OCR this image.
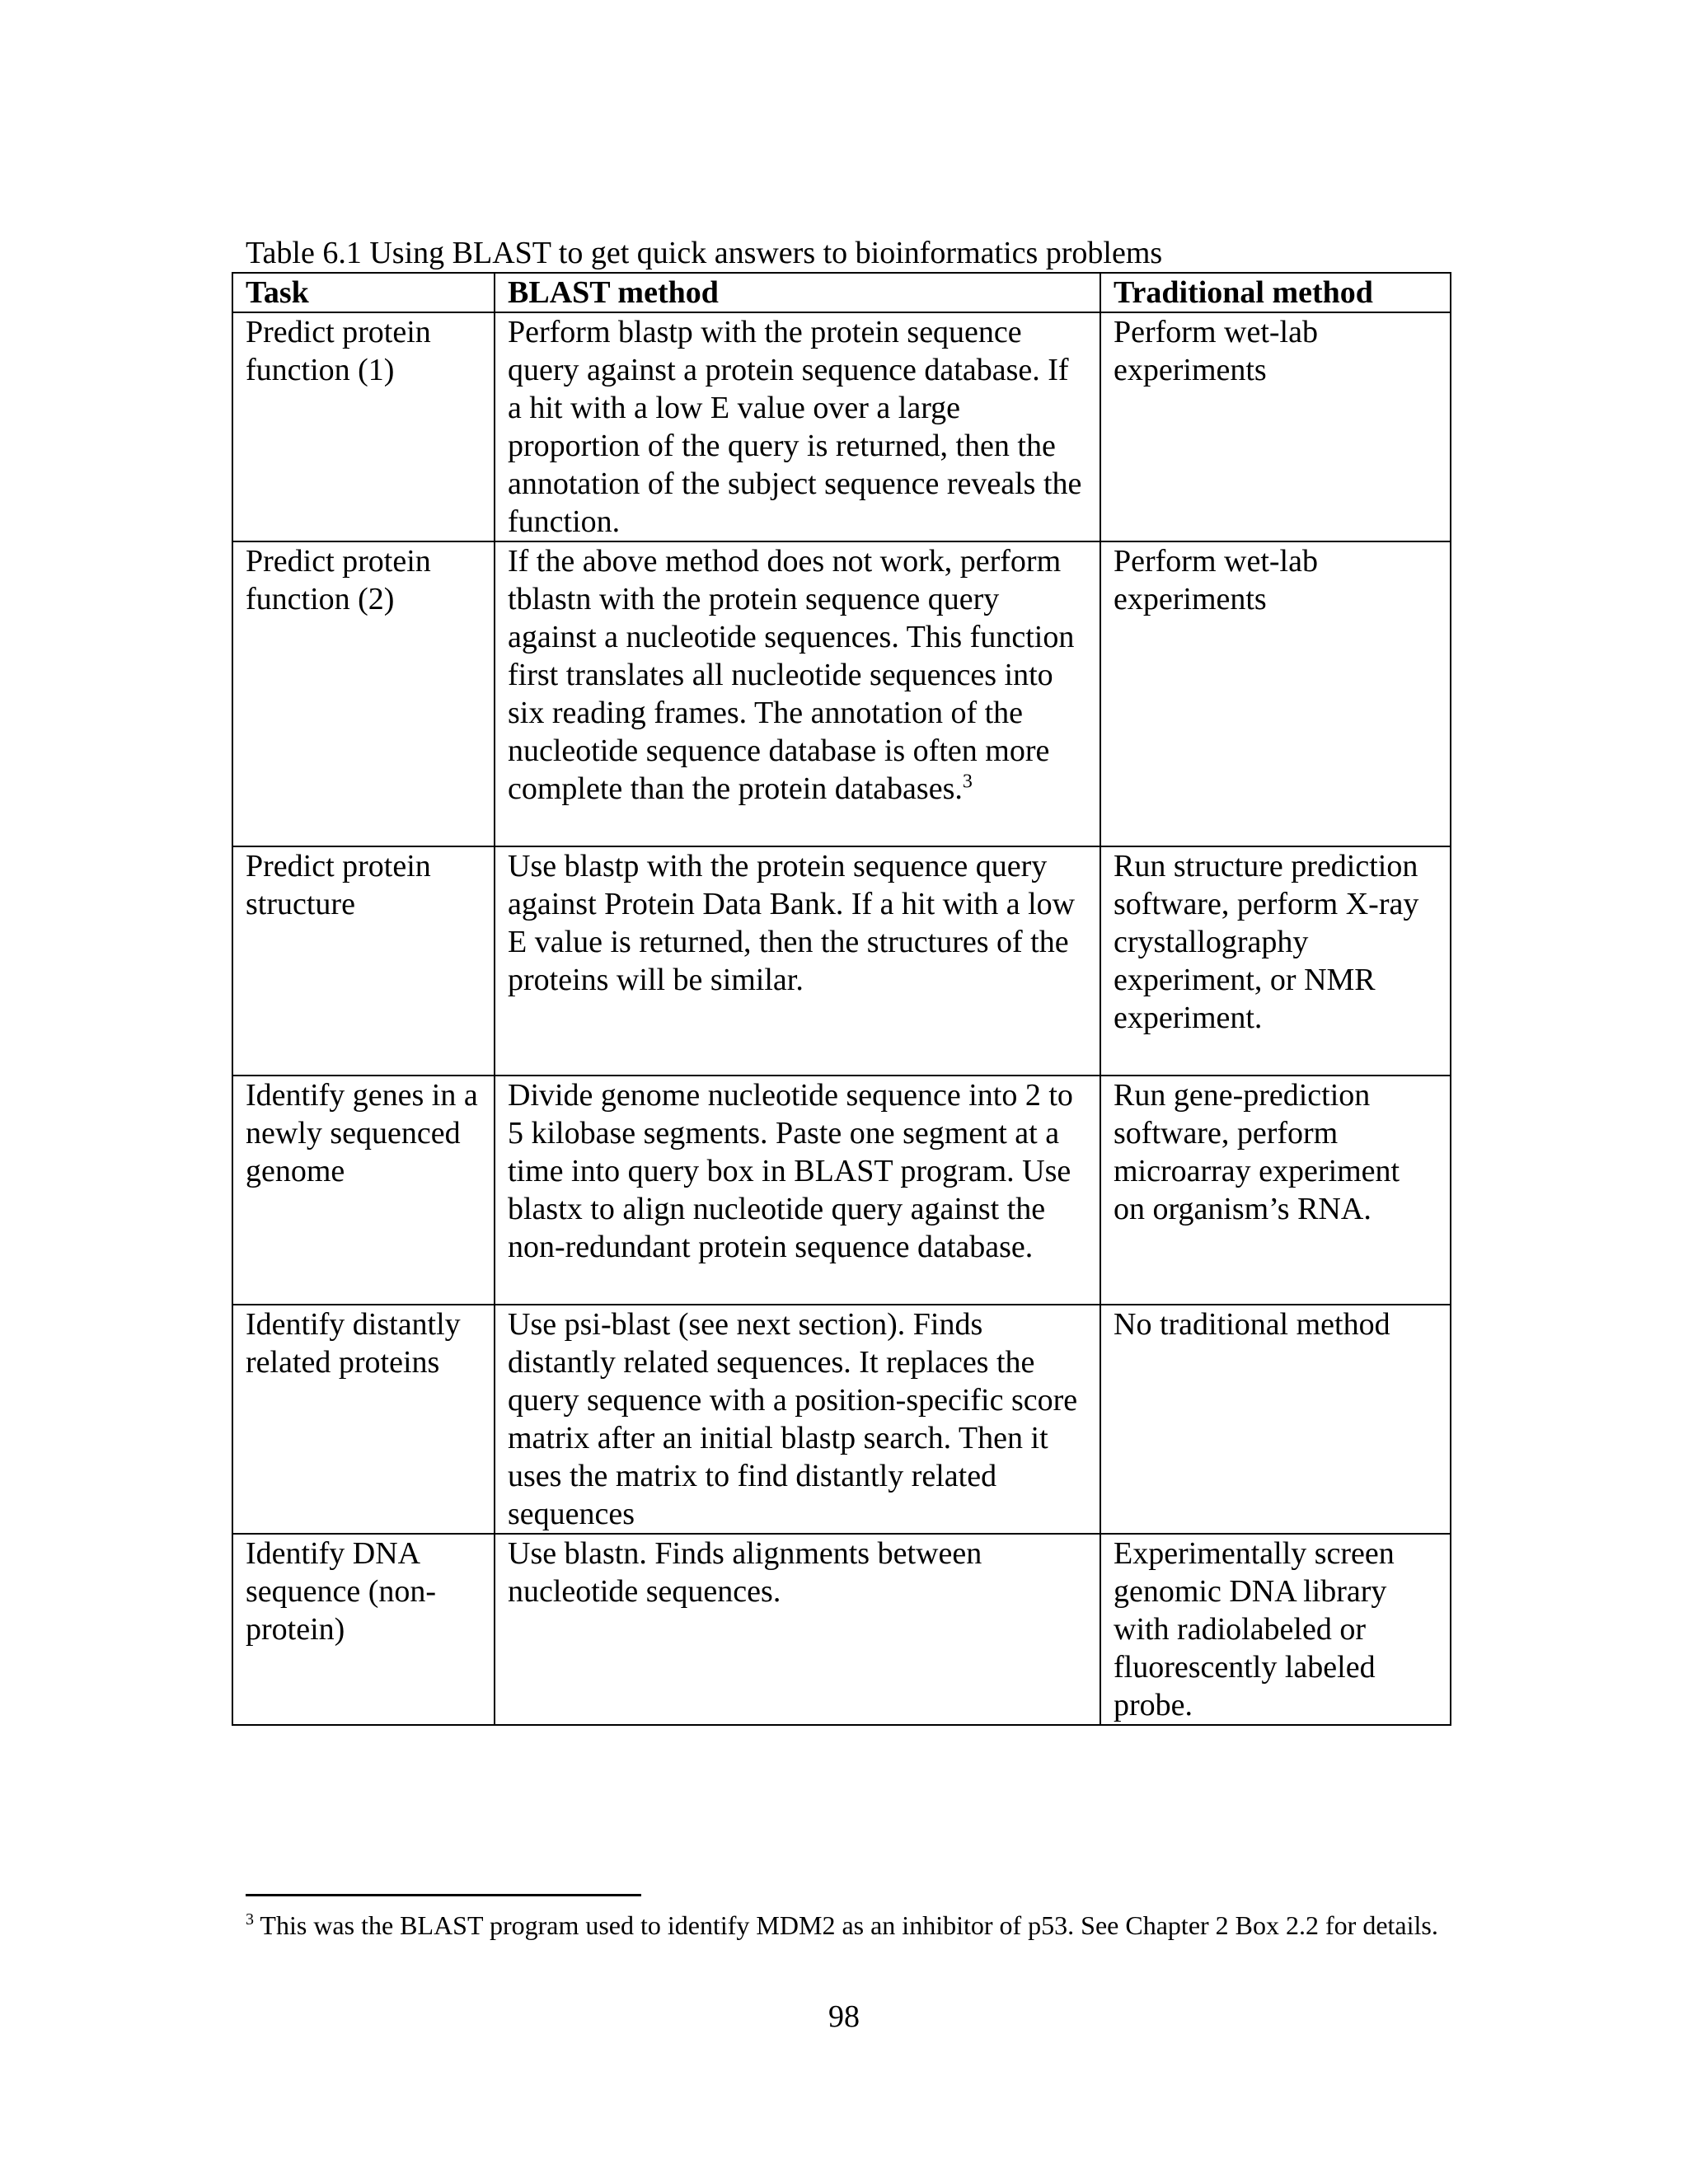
Table 6.1 Using BLAST to get quick answers to bioinformatics problems
Task	BLAST method	Traditional method
Predict protein function (1)	Perform blastp with the protein sequence query against a protein sequence database. If a hit with a low E value over a large proportion of the query is returned, then the annotation of the subject sequence reveals the function.	Perform wet-lab experiments
Predict protein function (2)	If the above method does not work, perform tblastn with the protein sequence query against a nucleotide sequences. This function first translates all nucleotide sequences into six reading frames. The annotation of the nucleotide sequence database is often more complete than the protein databases.$^3$	Perform wet-lab experiments
Predict protein structure	Use blastp with the protein sequence query against Protein Data Bank. If a hit with a low E value is returned, then the structures of the proteins will be similar.	Run structure prediction software, perform X-ray crystallography experiment, or NMR experiment.
Identify genes in a newly sequenced genome	Divide genome nucleotide sequence into 2 to 5 kilobase segments. Paste one segment at a time into query box in BLAST program. Use blastx to align nucleotide query against the non-redundant protein sequence database.	Run gene-prediction software, perform microarray experiment on organism’s RNA.
Identify distantly related proteins	Use psi-blast (see next section). Finds distantly related sequences. It replaces the query sequence with a position-specific score matrix after an initial blastp search. Then it uses the matrix to find distantly related sequences	No traditional method
Identify DNA sequence (non-protein)	Use blastn. Finds alignments between nucleotide sequences.	Experimentally screen genomic DNA library with radiolabeled or fluorescently labeled probe.
$^3$ This was the BLAST program used to identify MDM2 as an inhibitor of p53. See Chapter 2 Box 2.2 for details.
98
